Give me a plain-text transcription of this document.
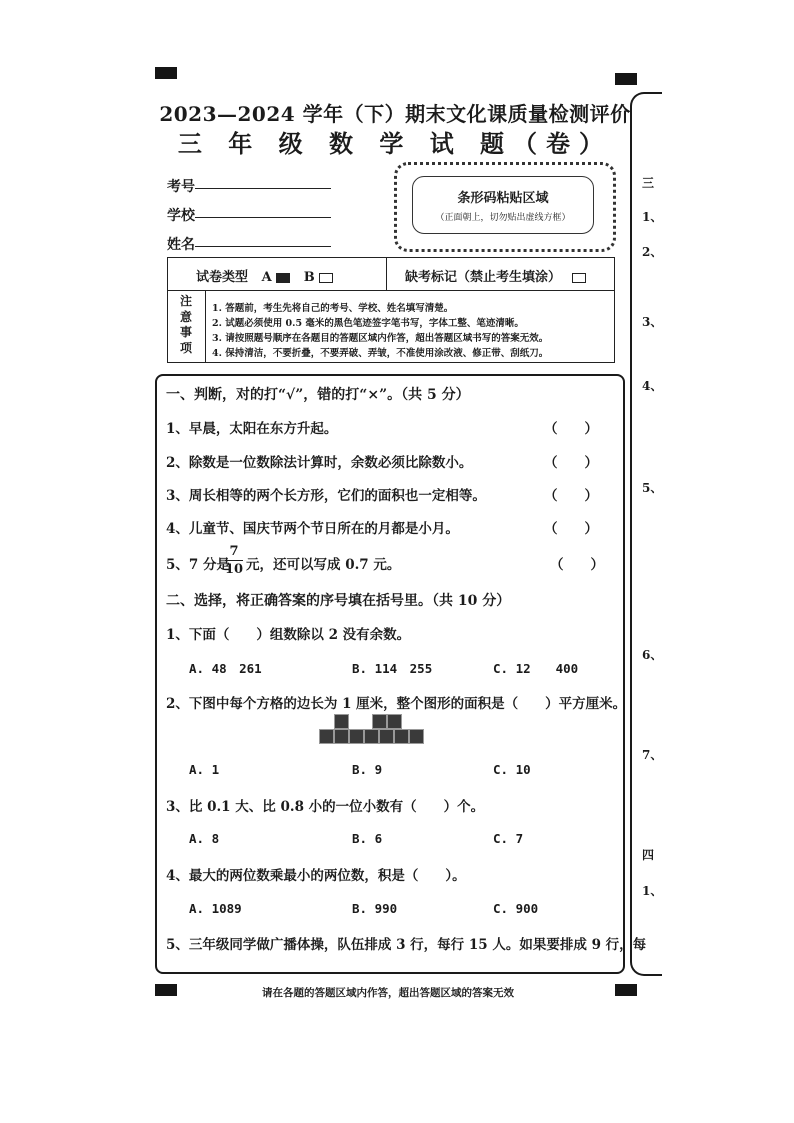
2023—2024 学年（下）期末文化课质量检测评价
三 年 级 数 学 试 题（卷）
考号
学校
姓名
条形码粘贴区域
（正面朝上，切勿贴出虚线方框）
试卷类型 A B	缺考标记（禁止考生填涂）
注
意
事
项
1. 答题前，考生先将自己的考号、学校、姓名填写清楚。
2. 试题必须使用 0.5 毫米的黑色笔迹签字笔书写，字体工整、笔迹清晰。
3. 请按照题号顺序在各题目的答题区域内作答，超出答题区域书写的答案无效。
4. 保持清洁，不要折叠，不要弄破、弄皱，不准使用涂改液、修正带、刮纸刀。
一、判断，对的打“√”，错的打“×”。（共 5 分）
1、早晨，太阳在东方升起。	（　　）
2、除数是一位数除法计算时，余数必须比除数小。	（　　）
3、周长相等的两个长方形，它们的面积也一定相等。	（　　）
4、儿童节、国庆节两个节日所在的月都是小月。	（　　）
5、7 分是
7
10 元，还可以写成 0.7 元。	（　　）
二、选择，将正确答案的序号填在括号里。（共 10 分）
1、下面（　　）组数除以 2 没有余数。
A. 48　261	B. 114　255	C. 12　　400
2、下图中每个方格的边长为 1 厘米，整个图形的面积是（　　）平方厘米。
A. 1	B. 9	C. 10
3、比 0.1 大、比 0.8 小的一位小数有（　　）个。
A. 8	B. 6	C. 7
4、最大的两位数乘最小的两位数，积是（　　）。
A. 1089	B. 990	C. 900
5、三年级同学做广播体操，队伍排成 3 行，每行 15 人。如果要排成 9 行，每
请在各题的答题区域内作答，超出答题区域的答案无效
三
1、
2、
3、
4、
5、
6、
7、
四
1、
